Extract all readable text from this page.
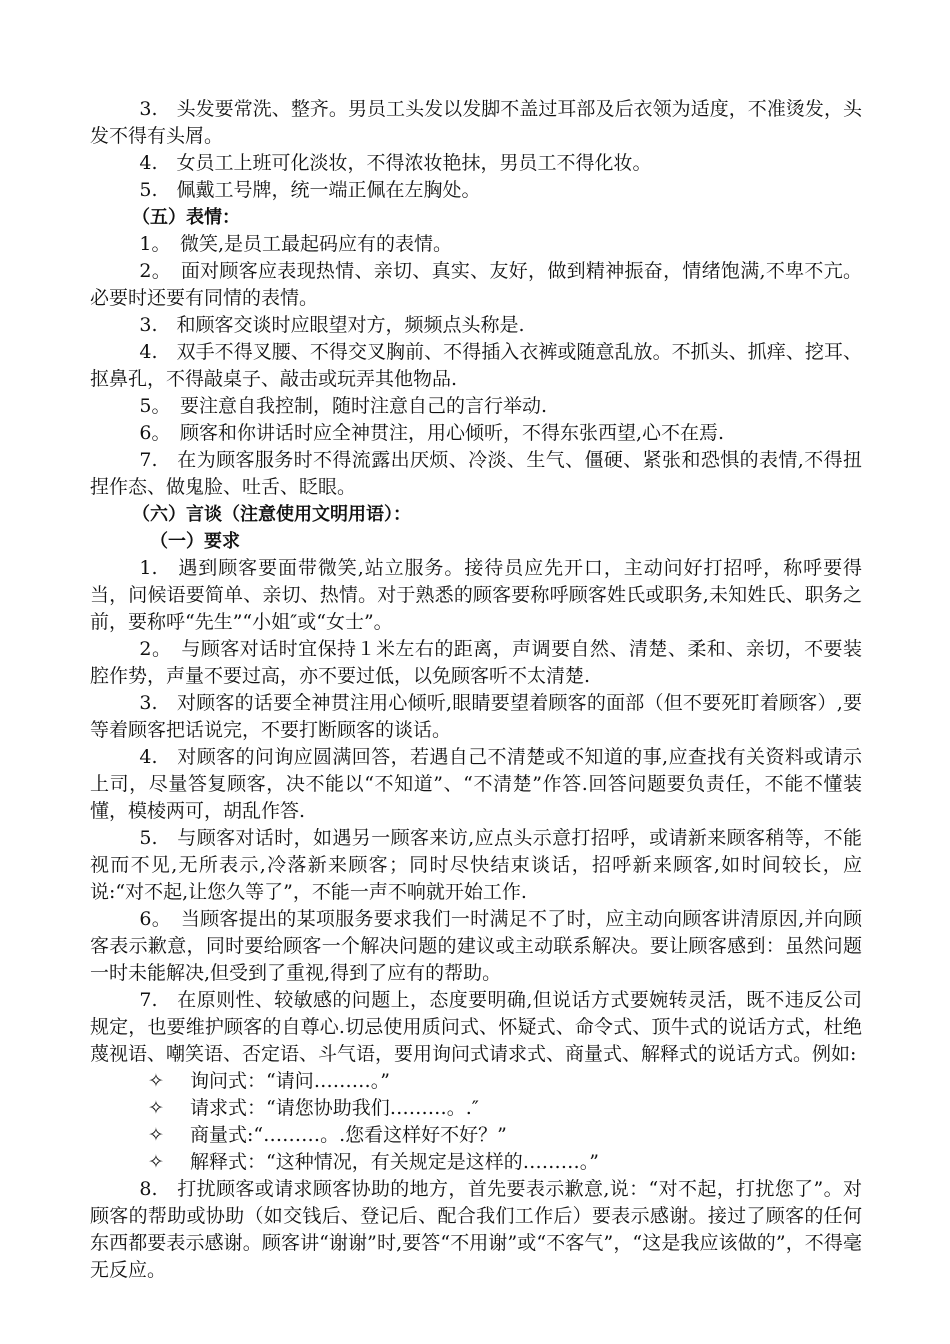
3.　头发要常洗、整齐。男员工头发以发脚不盖过耳部及后衣领为适度，不准烫发，头发不得有头屑。

4.　女员工上班可化淡妆，不得浓妆艳抹，男员工不得化妆。

5.　佩戴工号牌，统一端正佩在左胸处。

（五）表情：

1。　微笑,是员工最起码应有的表情。

2。　面对顾客应表现热情、亲切、真实、友好，做到精神振奋，情绪饱满,不卑不亢。必要时还要有同情的表情。

3.　和顾客交谈时应眼望对方，频频点头称是.

4.　双手不得叉腰、不得交叉胸前、不得插入衣裤或随意乱放。不抓头、抓痒、挖耳、抠鼻孔，不得敲桌子、敲击或玩弄其他物品.

5。　要注意自我控制，随时注意自己的言行举动.

6。　顾客和你讲话时应全神贯注，用心倾听，不得东张西望,心不在焉.

7.　在为顾客服务时不得流露出厌烦、冷淡、生气、僵硬、紧张和恐惧的表情,不得扭捏作态、做鬼脸、吐舌、眨眼。

（六）言谈（注意使用文明用语）：

（一）要求

1.　遇到顾客要面带微笑,站立服务。接待员应先开口，主动问好打招呼，称呼要得当，问候语要简单、亲切、热情。对于熟悉的顾客要称呼顾客姓氏或职务,未知姓氏、职务之前，要称呼“先生”“小姐″或“女士”。

2。　与顾客对话时宜保持１米左右的距离，声调要自然、清楚、柔和、亲切，不要装腔作势，声量不要过高，亦不要过低，以免顾客听不太清楚.

3.　对顾客的话要全神贯注用心倾听,眼睛要望着顾客的面部（但不要死盯着顾客）,要等着顾客把话说完，不要打断顾客的谈话。

4.　对顾客的问询应圆满回答，若遇自己不清楚或不知道的事,应查找有关资料或请示上司，尽量答复顾客，决不能以“不知道”、“不清楚”作答.回答问题要负责任，不能不懂装懂，模棱两可，胡乱作答.

5.　与顾客对话时，如遇另一顾客来访,应点头示意打招呼，或请新来顾客稍等，不能视而不见,无所表示,冷落新来顾客；同时尽快结束谈话，招呼新来顾客,如时间较长，应说:“对不起,让您久等了”，不能一声不响就开始工作.

6。　当顾客提出的某项服务要求我们一时满足不了时，应主动向顾客讲清原因,并向顾客表示歉意，同时要给顾客一个解决问题的建议或主动联系解决。要让顾客感到：虽然问题一时未能解决,但受到了重视,得到了应有的帮助。

7.　在原则性、较敏感的问题上，态度要明确,但说话方式要婉转灵活，既不违反公司规定，也要维护顾客的自尊心.切忌使用质问式、怀疑式、命令式、顶牛式的说话方式，杜绝蔑视语、嘲笑语、否定语、斗气语，要用询问式请求式、商量式、解释式的说话方式。例如:

✧ 询问式：“请问………。”

✧ 请求式：“请您协助我们………。.″

✧ 商量式:“………。.您看这样好不好？”

✧ 解释式：“这种情况，有关规定是这样的………。”

8.　打扰顾客或请求顾客协助的地方，首先要表示歉意,说：“对不起，打扰您了”。对顾客的帮助或协助（如交钱后、登记后、配合我们工作后）要表示感谢。接过了顾客的任何东西都要表示感谢。顾客讲“谢谢”时,要答“不用谢”或“不客气”，“这是我应该做的”，不得毫无反应。
